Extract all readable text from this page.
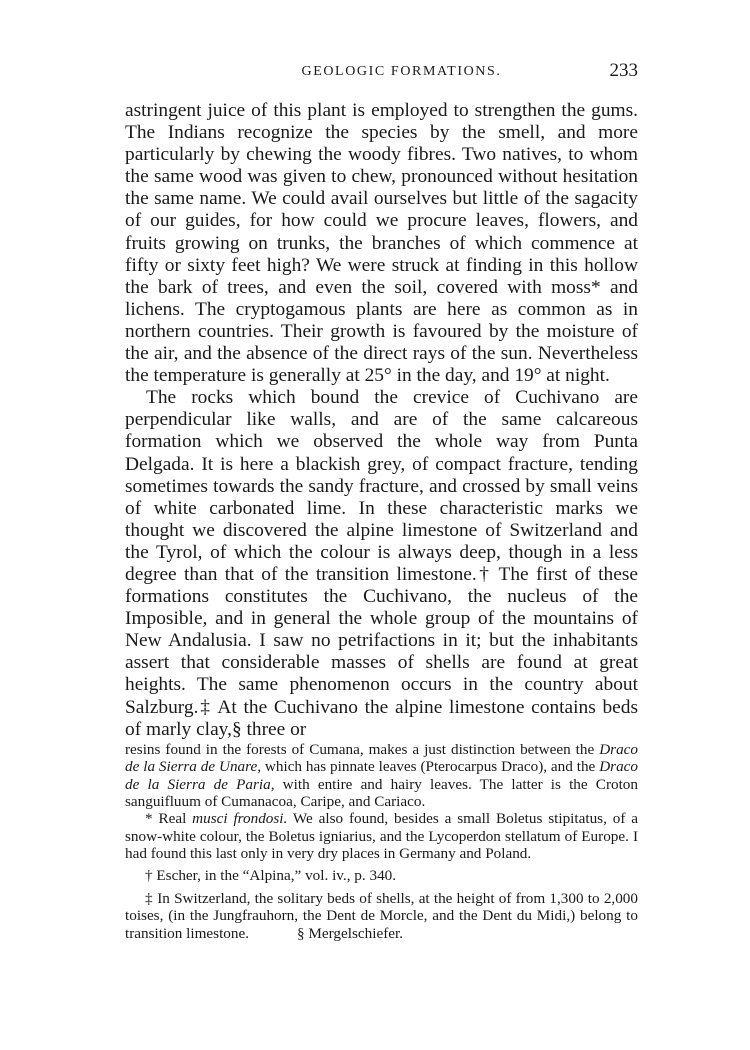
GEOLOGIC FORMATIONS.	233

astringent juice of this plant is employed to strengthen the gums. The Indians recognize the species by the smell, and more particularly by chewing the woody fibres. Two natives, to whom the same wood was given to chew, pronounced without hesitation the same name. We could avail ourselves but little of the sagacity of our guides, for how could we procure leaves, flowers, and fruits growing on trunks, the branches of which commence at fifty or sixty feet high? We were struck at finding in this hollow the bark of trees, and even the soil, covered with moss* and lichens. The cryptogamous plants are here as common as in northern countries. Their growth is favoured by the moisture of the air, and the absence of the direct rays of the sun. Nevertheless the temperature is generally at 25° in the day, and 19° at night.

The rocks which bound the crevice of Cuchivano are perpendicular like walls, and are of the same calcareous formation which we observed the whole way from Punta Delgada. It is here a blackish grey, of compact fracture, tending sometimes towards the sandy fracture, and crossed by small veins of white carbonated lime. In these characteristic marks we thought we discovered the alpine limestone of Switzerland and the Tyrol, of which the colour is always deep, though in a less degree than that of the transition limestone.† The first of these formations constitutes the Cuchivano, the nucleus of the Imposible, and in general the whole group of the mountains of New Andalusia. I saw no petrifactions in it; but the inhabitants assert that considerable masses of shells are found at great heights. The same phenomenon occurs in the country about Salzburg.‡ At the Cuchivano the alpine limestone contains beds of marly clay,§ three or

resins found in the forests of Cumana, makes a just distinction between the Draco de la Sierra de Unare, which has pinnate leaves (Pterocarpus Draco), and the Draco de la Sierra de Paria, with entire and hairy leaves. The latter is the Croton sanguifluum of Cumanacoa, Caripe, and Cariaco.

* Real musci frondosi. We also found, besides a small Boletus stipitatus, of a snow-white colour, the Boletus igniarius, and the Lycoperdon stellatum of Europe. I had found this last only in very dry places in Germany and Poland.

† Escher, in the “Alpina,” vol. iv., p. 340.

‡ In Switzerland, the solitary beds of shells, at the height of from 1,300 to 2,000 toises, (in the Jungfrauhorn, the Dent de Morcle, and the Dent du Midi,) belong to transition limestone.	§ Mergelschiefer.
